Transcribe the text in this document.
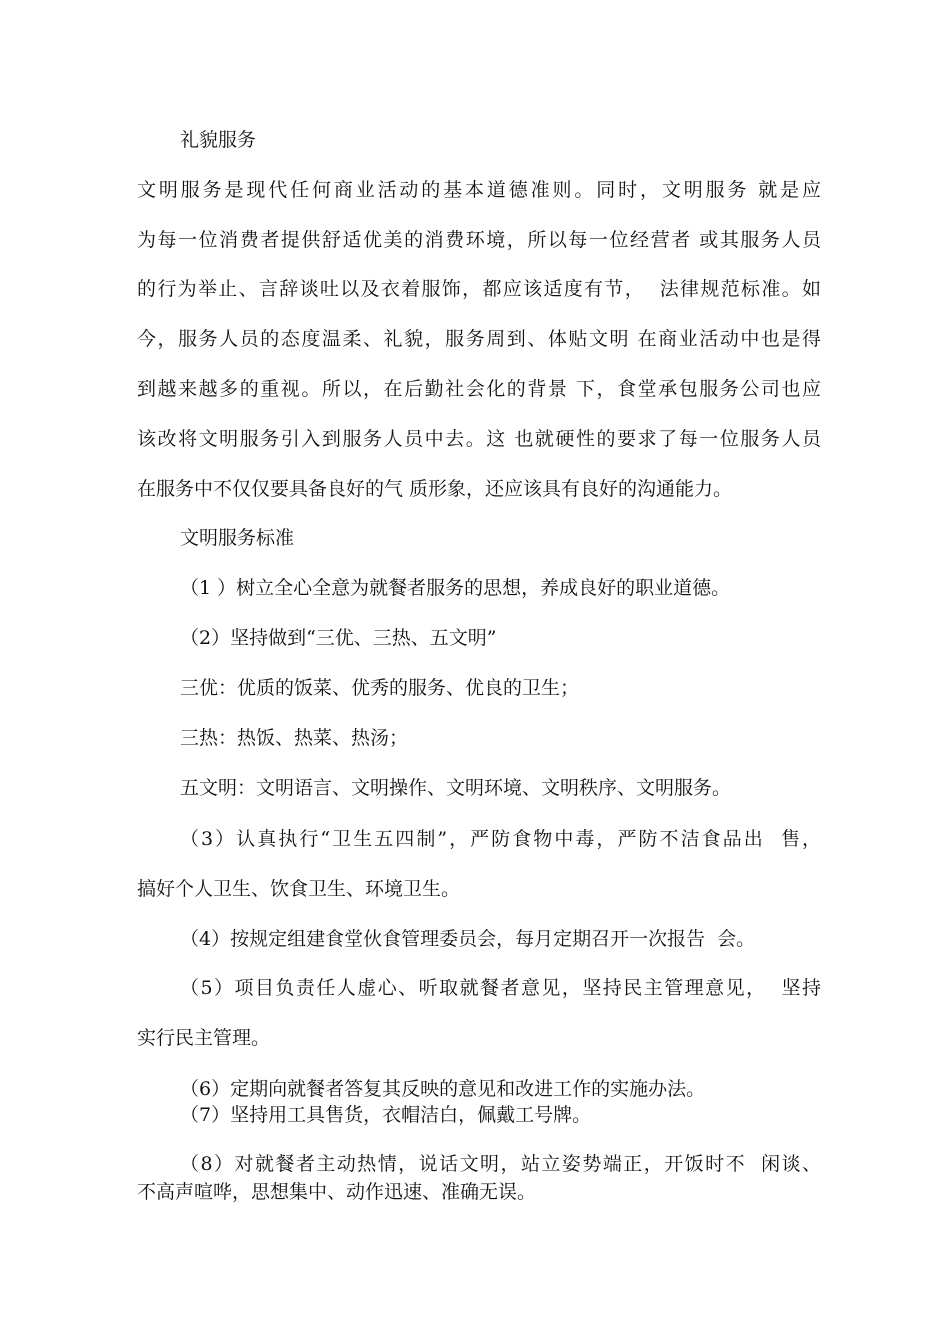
礼貌服务

文明服务是现代任何商业活动的基本道德准则。同时，文明服务 就是应

为每一位消费者提供舒适优美的消费环境，所以每一位经营者 或其服务人员

的行为举止、言辞谈吐以及衣着服饰，都应该适度有节，  法律规范标准。如

今，服务人员的态度温柔、礼貌，服务周到、体贴文明 在商业活动中也是得

到越来越多的重视。所以，在后勤社会化的背景 下，食堂承包服务公司也应

该改将文明服务引入到服务人员中去。这 也就硬性的要求了每一位服务人员

在服务中不仅仅要具备良好的气 质形象，还应该具有良好的沟通能力。

文明服务标准

（1 ）树立全心全意为就餐者服务的思想，养成良好的职业道德。

（2）坚持做到“三优、三热、五文明”

三优：优质的饭菜、优秀的服务、优良的卫生；

三热：热饭、热菜、热汤；

五文明：文明语言、文明操作、文明环境、文明秩序、文明服务。

（3）认真执行“卫生五四制”，严防食物中毒，严防不洁食品出  售，

搞好个人卫生、饮食卫生、环境卫生。

（4）按规定组建食堂伙食管理委员会，每月定期召开一次报告  会。

（5）项目负责任人虚心、听取就餐者意见，坚持民主管理意见，  坚持

实行民主管理。

（6）定期向就餐者答复其反映的意见和改进工作的实施办法。

（7）坚持用工具售货，衣帽洁白，佩戴工号牌。

（8）对就餐者主动热情，说话文明，站立姿势端正，开饭时不  闲谈、

不高声喧哗，思想集中、动作迅速、准确无误。
